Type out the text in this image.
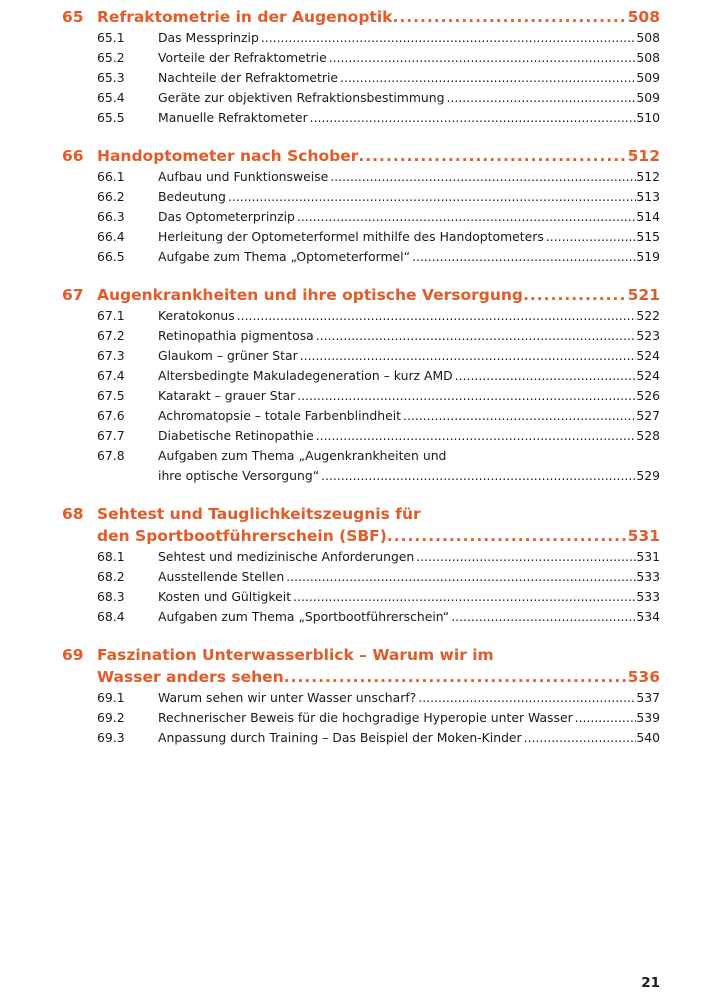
65 Refraktometrie in der Augenoptik .....	508
65.1	Das Messprinzip .....	508
65.2	Vorteile der Refraktometrie .....	508
65.3	Nachteile der Refraktometrie .....	509
65.4	Geräte zur objektiven Refraktionsbestimmung .....	509
65.5	Manuelle Refraktometer .....	510
66 Handoptometer nach Schober .....	512
66.1	Aufbau und Funktionsweise .....	512
66.2	Bedeutung .....	513
66.3	Das Optometerprinzip .....	514
66.4	Herleitung der Optometerformel mithilfe des Handoptometers .....	515
66.5	Aufgabe zum Thema „Optometerformel“ .....	519
67 Augenkrankheiten und ihre optische Versorgung .....	521
67.1	Keratokonus .....	522
67.2	Retinopathia pigmentosa .....	523
67.3	Glaukom – grüner Star .....	524
67.4	Altersbedingte Makuladegeneration – kurz AMD .....	524
67.5	Katarakt – grauer Star .....	526
67.6	Achromatopsie – totale Farbenblindheit .....	527
67.7	Diabetische Retinopathie .....	528
67.8	Aufgaben zum Thema „Augenkrankheiten und
ihre optische Versorgung“ .....	529
68 Sehtest und Tauglichkeitszeugnis für
den Sportbootführerschein (SBF) .....	531
68.1	Sehtest und medizinische Anforderungen .....	531
68.2	Ausstellende Stellen .....	533
68.3	Kosten und Gültigkeit .....	533
68.4	Aufgaben zum Thema „Sportbootführerschein“ .....	534
69 Faszination Unterwasserblick – Warum wir im
Wasser anders sehen .....	536
69.1	Warum sehen wir unter Wasser unscharf? .....	537
69.2	Rechnerischer Beweis für die hochgradige Hyperopie unter Wasser .....	539
69.3	Anpassung durch Training – Das Beispiel der Moken-Kinder .....	540
21
